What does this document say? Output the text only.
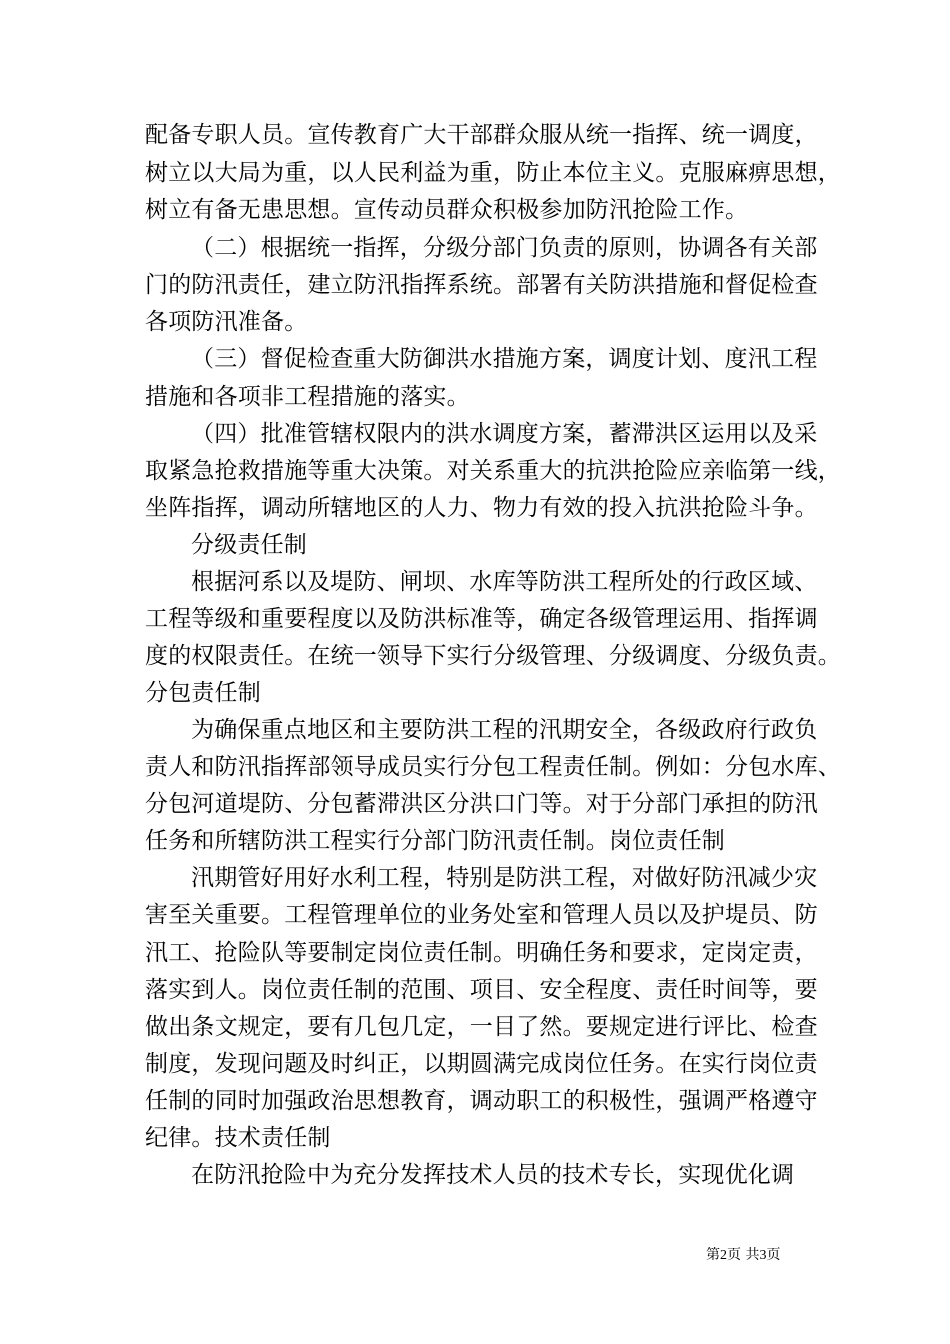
配备专职人员。宣传教育广大干部群众服从统一指挥、统一调度，
树立以大局为重，以人民利益为重，防止本位主义。克服麻痹思想，
树立有备无患思想。宣传动员群众积极参加防汛抢险工作。
（二）根据统一指挥，分级分部门负责的原则，协调各有关部
门的防汛责任，建立防汛指挥系统。部署有关防洪措施和督促检查
各项防汛准备。
（三）督促检查重大防御洪水措施方案，调度计划、度汛工程
措施和各项非工程措施的落实。
（四）批准管辖权限内的洪水调度方案，蓄滞洪区运用以及采
取紧急抢救措施等重大决策。对关系重大的抗洪抢险应亲临第一线，
坐阵指挥，调动所辖地区的人力、物力有效的投入抗洪抢险斗争。
分级责任制
根据河系以及堤防、闸坝、水库等防洪工程所处的行政区域、
工程等级和重要程度以及防洪标准等，确定各级管理运用、指挥调
度的权限责任。在统一领导下实行分级管理、分级调度、分级负责。
分包责任制
为确保重点地区和主要防洪工程的汛期安全，各级政府行政负
责人和防汛指挥部领导成员实行分包工程责任制。例如：分包水库、
分包河道堤防、分包蓄滞洪区分洪口门等。对于分部门承担的防汛
任务和所辖防洪工程实行分部门防汛责任制。岗位责任制
汛期管好用好水利工程，特别是防洪工程，对做好防汛减少灾
害至关重要。工程管理单位的业务处室和管理人员以及护堤员、防
汛工、抢险队等要制定岗位责任制。明确任务和要求，定岗定责，
落实到人。岗位责任制的范围、项目、安全程度、责任时间等，要
做出条文规定，要有几包几定，一目了然。要规定进行评比、检查
制度，发现问题及时纠正，以期圆满完成岗位任务。在实行岗位责
任制的同时加强政治思想教育，调动职工的积极性，强调严格遵守
纪律。技术责任制
在防汛抢险中为充分发挥技术人员的技术专长，实现优化调
第2页 共3页
